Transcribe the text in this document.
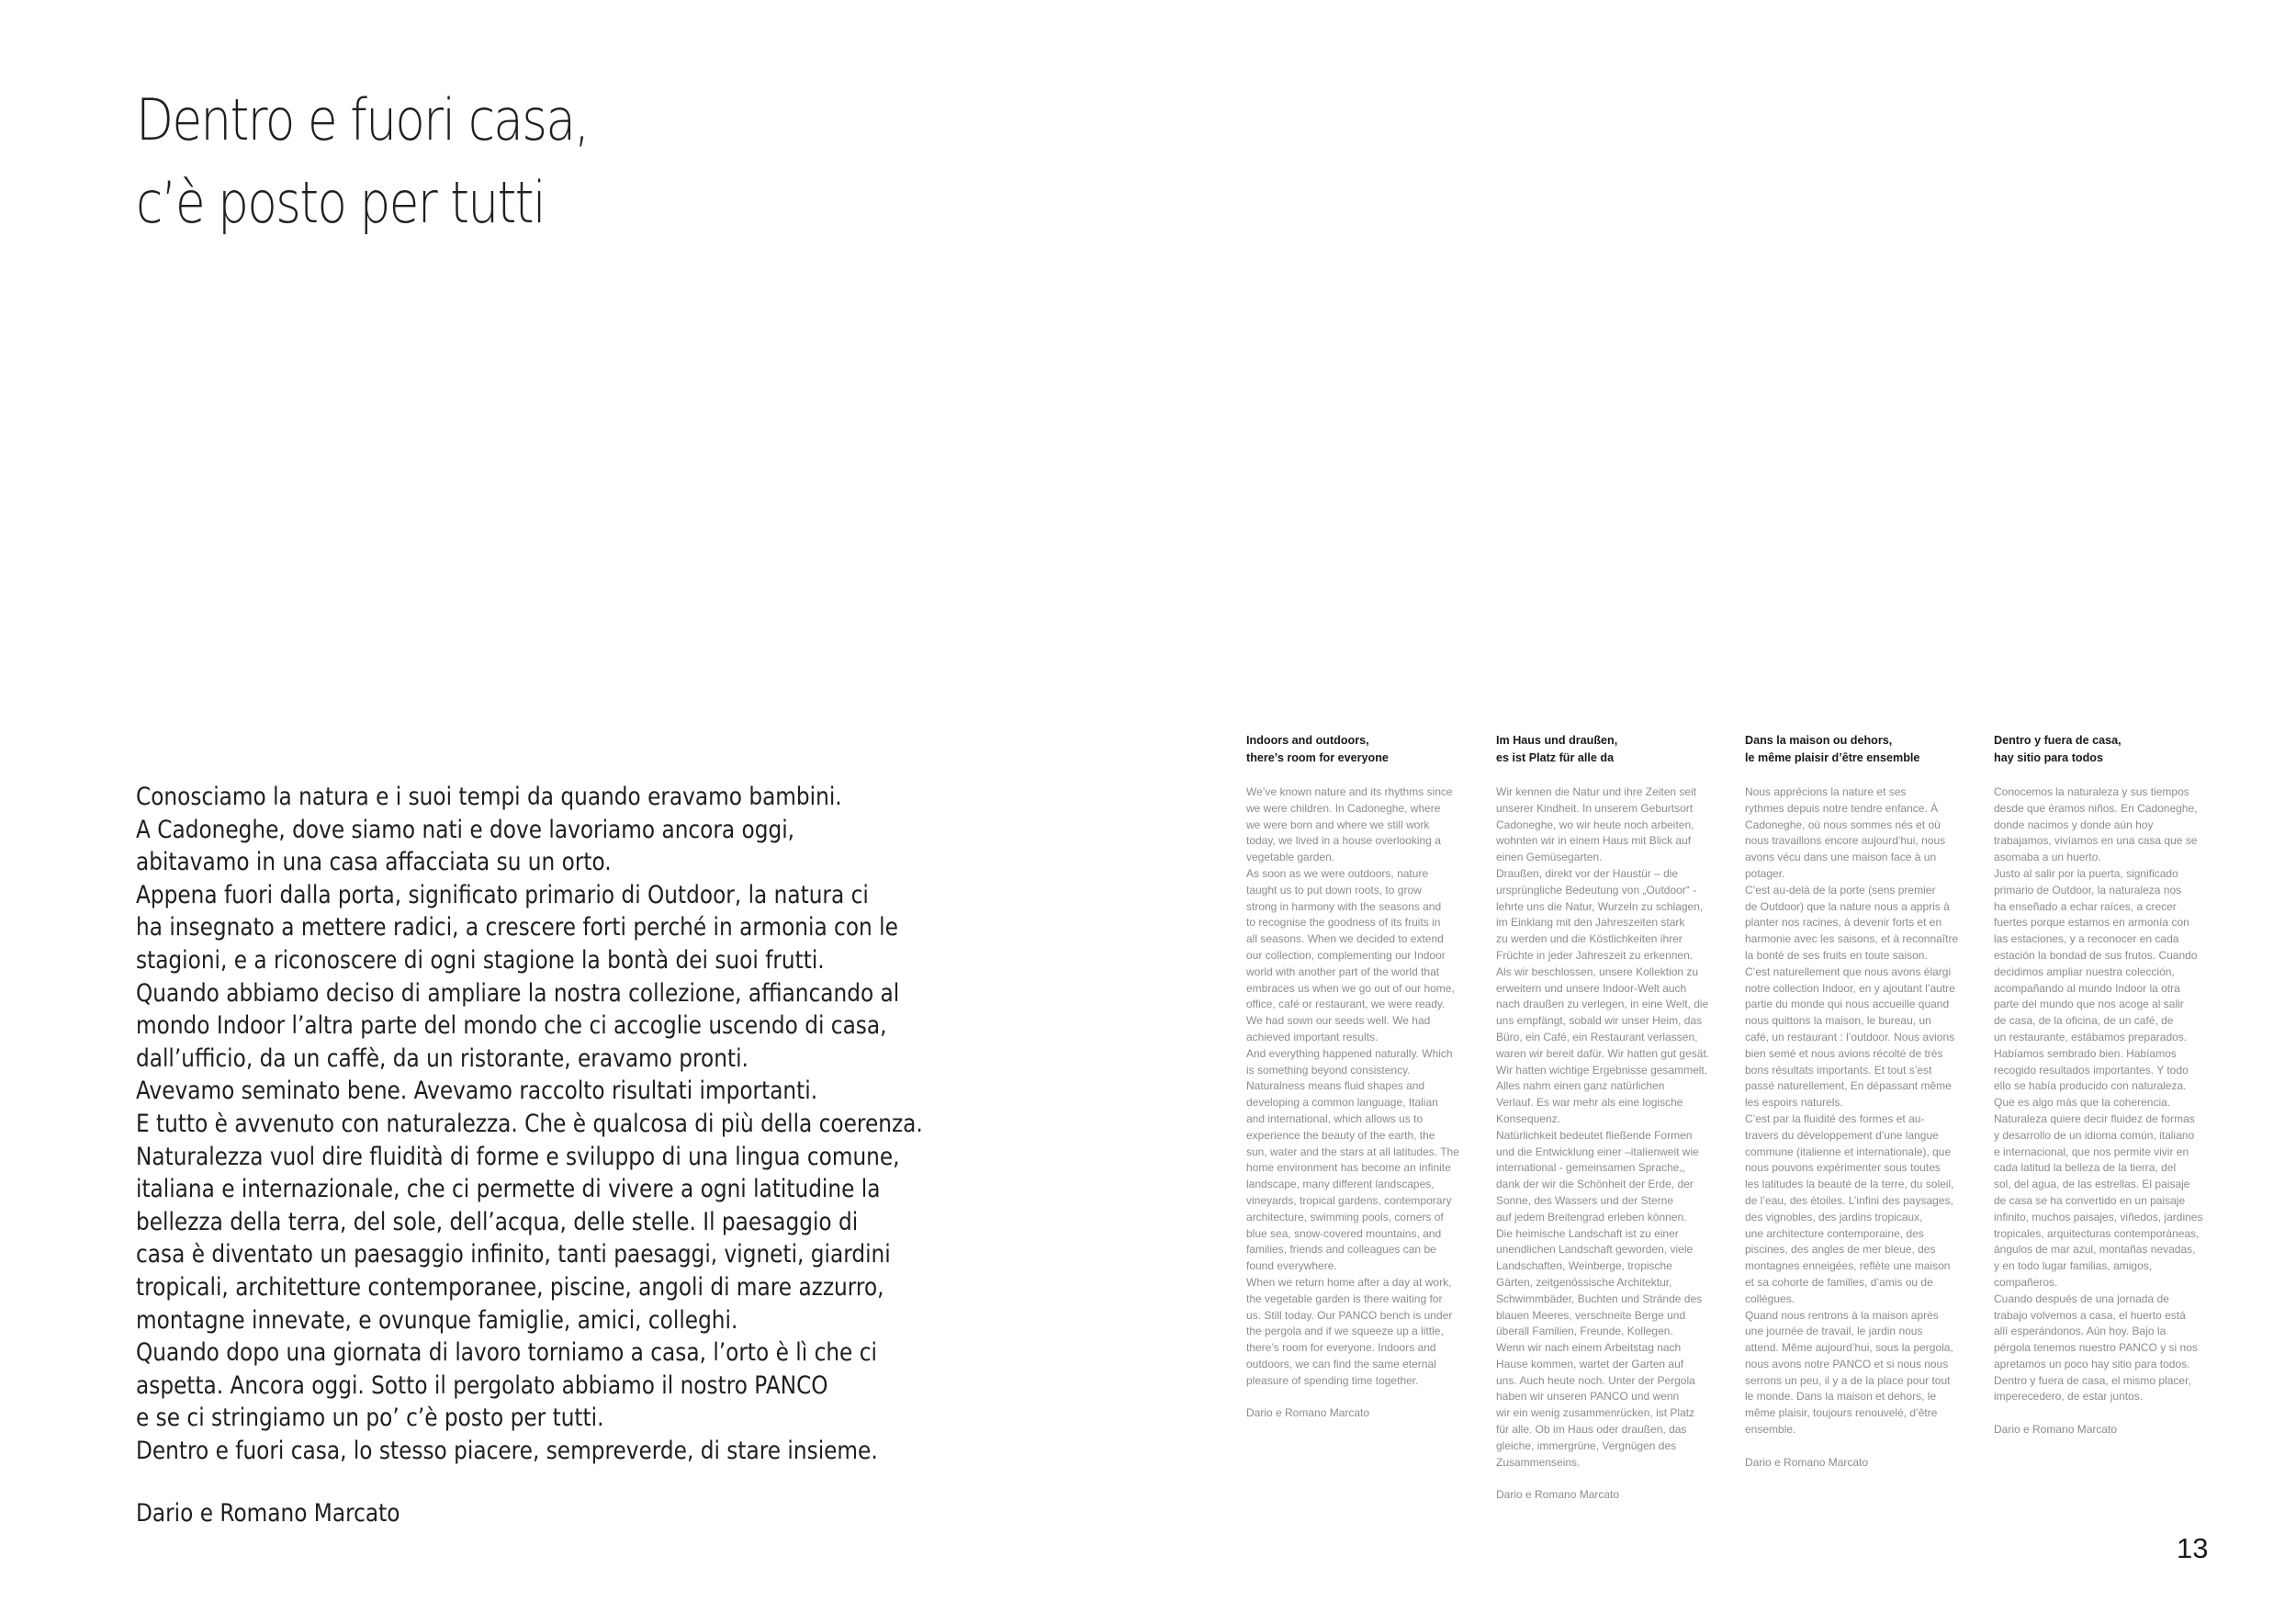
Dentro e fuori casa,
c’è posto per tutti
Conosciamo la natura e i suoi tempi da quando eravamo bambini.
A Cadoneghe, dove siamo nati e dove lavoriamo ancora oggi,
abitavamo in una casa affacciata su un orto.
Appena fuori dalla porta, significato primario di Outdoor, la natura ci
ha insegnato a mettere radici, a crescere forti perché in armonia con le
stagioni, e a riconoscere di ogni stagione la bontà dei suoi frutti.
Quando abbiamo deciso di ampliare la nostra collezione, affiancando al
mondo Indoor l’altra parte del mondo che ci accoglie uscendo di casa,
dall’ufficio, da un caffè, da un ristorante, eravamo pronti.
Avevamo seminato bene. Avevamo raccolto risultati importanti.
E tutto è avvenuto con naturalezza. Che è qualcosa di più della coerenza.
Naturalezza vuol dire fluidità di forme e sviluppo di una lingua comune,
italiana e internazionale, che ci permette di vivere a ogni latitudine la
bellezza della terra, del sole, dell’acqua, delle stelle. Il paesaggio di
casa è diventato un paesaggio infinito, tanti paesaggi, vigneti, giardini
tropicali, architetture contemporanee, piscine, angoli di mare azzurro,
montagne innevate, e ovunque famiglie, amici, colleghi.
Quando dopo una giornata di lavoro torniamo a casa, l’orto è lì che ci
aspetta. Ancora oggi. Sotto il pergolato abbiamo il nostro PANCO
e se ci stringiamo un po’ c’è posto per tutti.
Dentro e fuori casa, lo stesso piacere, sempreverde, di stare insieme.
Dario e Romano Marcato
Indoors and outdoors,
there’s room for everyone
We’ve known nature and its rhythms since
we were children. In Cadoneghe, where
we were born and where we still work
today, we lived in a house overlooking a
vegetable garden.
As soon as we were outdoors, nature
taught us to put down roots, to grow
strong in harmony with the seasons and
to recognise the goodness of its fruits in
all seasons. When we decided to extend
our collection, complementing our Indoor
world with another part of the world that
embraces us when we go out of our home,
office, café or restaurant, we were ready.
We had sown our seeds well. We had
achieved important results.
And everything happened naturally. Which
is something beyond consistency.
Naturalness means fluid shapes and
developing a common language, Italian
and international, which allows us to
experience the beauty of the earth, the
sun, water and the stars at all latitudes. The
home environment has become an infinite
landscape, many different landscapes,
vineyards, tropical gardens, contemporary
architecture, swimming pools, corners of
blue sea, snow-covered mountains, and
families, friends and colleagues can be
found everywhere.
When we return home after a day at work,
the vegetable garden is there waiting for
us. Still today. Our PANCO bench is under
the pergola and if we squeeze up a little,
there’s room for everyone. Indoors and
outdoors, we can find the same eternal
pleasure of spending time together.
Dario e Romano Marcato
Im Haus und draußen,
es ist Platz für alle da
Wir kennen die Natur und ihre Zeiten seit
unserer Kindheit. In unserem Geburtsort
Cadoneghe, wo wir heute noch arbeiten,
wohnten wir in einem Haus mit Blick auf
einen Gemüsegarten.
Draußen, direkt vor der Haustür – die
ursprüngliche Bedeutung von „Outdoor“ -
lehrte uns die Natur, Wurzeln zu schlagen,
im Einklang mit den Jahreszeiten stark
zu werden und die Köstlichkeiten ihrer
Früchte in jeder Jahreszeit zu erkennen.
Als wir beschlossen, unsere Kollektion zu
erweitern und unsere Indoor-Welt auch
nach draußen zu verlegen, in eine Welt, die
uns empfängt, sobald wir unser Heim, das
Büro, ein Café, ein Restaurant verlassen,
waren wir bereit dafür. Wir hatten gut gesät.
Wir hatten wichtige Ergebnisse gesammelt.
Alles nahm einen ganz natürlichen
Verlauf. Es war mehr als eine logische
Konsequenz.
Natürlichkeit bedeutet fließende Formen
und die Entwicklung einer –italienweit wie
international - gemeinsamen Sprache,,
dank der wir die Schönheit der Erde, der
Sonne, des Wassers und der Sterne
auf jedem Breitengrad erleben können.
Die heimische Landschaft ist zu einer
unendlichen Landschaft geworden, viele
Landschaften, Weinberge, tropische
Gärten, zeitgenössische Architektur,
Schwimmbäder, Buchten und Strände des
blauen Meeres, verschneite Berge und
überall Familien, Freunde, Kollegen.
Wenn wir nach einem Arbeitstag nach
Hause kommen, wartet der Garten auf
uns. Auch heute noch. Unter der Pergola
haben wir unseren PANCO und wenn
wir ein wenig zusammenrücken, ist Platz
für alle. Ob im Haus oder draußen, das
gleiche, immergrüne, Vergnügen des
Zusammenseins.
Dario e Romano Marcato
Dans la maison ou dehors,
le même plaisir d’être ensemble
Nous apprécions la nature et ses
rythmes depuis notre tendre enfance. À
Cadoneghe, où nous sommes nés et où
nous travaillons encore aujourd’hui, nous
avons vécu dans une maison face à un
potager.
C’est au-delà de la porte (sens premier
de Outdoor) que la nature nous a appris à
planter nos racines, à devenir forts et en
harmonie avec les saisons, et à reconnaître
la bonté de ses fruits en toute saison.
C’est naturellement que nous avons élargi
notre collection Indoor, en y ajoutant l’autre
partie du monde qui nous accueille quand
nous quittons la maison, le bureau, un
café, un restaurant : l’outdoor. Nous avions
bien semé et nous avions récolté de très
bons résultats importants. Et tout s’est
passé naturellement, En dépassant même
les espoirs naturels.
C’est par la fluidité des formes et au-
travers du développement d’une langue
commune (italienne et internationale), que
nous pouvons expérimenter sous toutes
les latitudes la beauté de la terre, du soleil,
de l’eau, des étoiles. L’infini des paysages,
des vignobles, des jardins tropicaux,
une architecture contemporaine, des
piscines, des angles de mer bleue, des
montagnes enneigées, reflète une maison
et sa cohorte de familles, d’amis ou de
collègues.
Quand nous rentrons à la maison après
une journée de travail, le jardin nous
attend. Même aujourd’hui, sous la pergola,
nous avons notre PANCO et si nous nous
serrons un peu, il y a de la place pour tout
le monde. Dans la maison et dehors, le
même plaisir, toujours renouvelé, d’être
ensemble.
Dario e Romano Marcato
Dentro y fuera de casa,
hay sitio para todos
Conocemos la naturaleza y sus tiempos
desde que éramos niños. En Cadoneghe,
donde nacimos y donde aún hoy
trabajamos, vivíamos en una casa que se
asomaba a un huerto.
Justo al salir por la puerta, significado
primario de Outdoor, la naturaleza nos
ha enseñado a echar raíces, a crecer
fuertes porque estamos en armonía con
las estaciones, y a reconocer en cada
estación la bondad de sus frutos. Cuando
decidimos ampliar nuestra colección,
acompañando al mundo Indoor la otra
parte del mundo que nos acoge al salir
de casa, de la oficina, de un café, de
un restaurante, estábamos preparados.
Habíamos sembrado bien. Habíamos
recogido resultados importantes. Y todo
ello se había producido con naturaleza.
Que es algo más que la coherencia.
Naturaleza quiere decir fluidez de formas
y desarrollo de un idioma común, italiano
e internacional, que nos permite vivir en
cada latitud la belleza de la tierra, del
sol, del agua, de las estrellas. El paisaje
de casa se ha convertido en un paisaje
infinito, muchos paisajes, viñedos, jardines
tropicales, arquitecturas contemporáneas,
ángulos de mar azul, montañas nevadas,
y en todo lugar familias, amigos,
compañeros.
Cuando después de una jornada de
trabajo volvemos a casa, el huerto está
allí esperándonos. Aún hoy. Bajo la
pérgola tenemos nuestro PANCO y si nos
apretamos un poco hay sitio para todos.
Dentro y fuera de casa, el mismo placer,
imperecedero, de estar juntos.
Dario e Romano Marcato
13
